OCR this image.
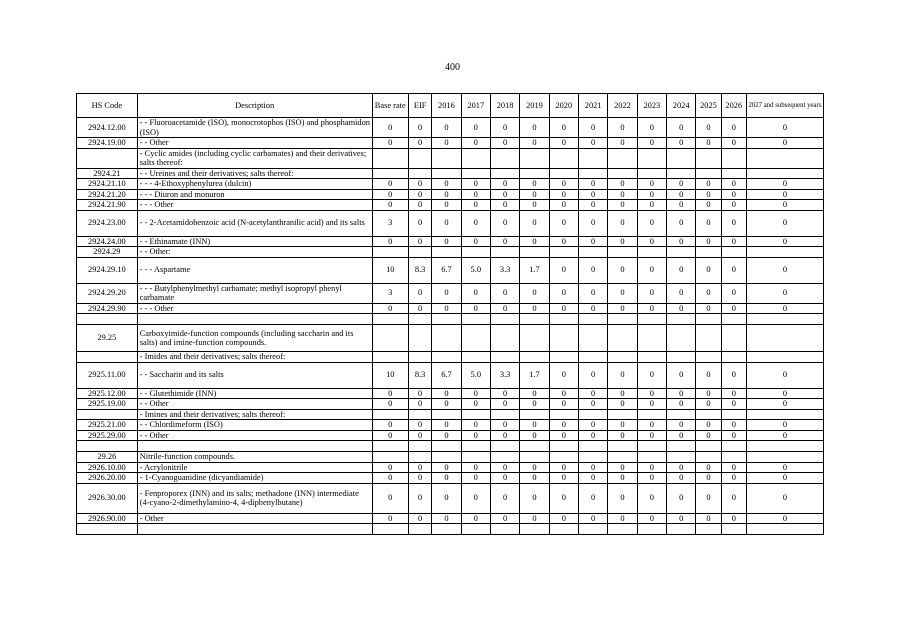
400
HS Code	Description	Base rate	EIF	2016	2017	2018	2019	2020	2021	2022	2023	2024	2025	2026	2027 and subsequent years
2924.12.00	- - Fluoroacetamide (ISO), monocrotophos (ISO) and phosphamidon (ISO)	0	0	0	0	0	0	0	0	0	0	0	0	0	0
2924.19.00	- - Other	0	0	0	0	0	0	0	0	0	0	0	0	0	0
	- Cyclic amides (including cyclic carbamates) and their derivatives; salts thereof:														
2924.21	- - Ureines and their derivatives; salts thereof:														
2924.21.10	- - - 4-Ethoxyphenylurea (dulcin)	0	0	0	0	0	0	0	0	0	0	0	0	0	0
2924.21.20	- - - Diuron and monuron	0	0	0	0	0	0	0	0	0	0	0	0	0	0
2924.21.90	- - - Other	0	0	0	0	0	0	0	0	0	0	0	0	0	0
2924.23.00	- - 2-Acetamidobenzoic acid (N-acetylanthranilic acid) and its salts	3	0	0	0	0	0	0	0	0	0	0	0	0	0
2924.24.00	- - Ethinamate (INN)	0	0	0	0	0	0	0	0	0	0	0	0	0	0
2924.29	- - Other:														
2924.29.10	- - - Aspartame	10	8.3	6.7	5.0	3.3	1.7	0	0	0	0	0	0	0	0
2924.29.20	- - - Butylphenylmethyl carbamate; methyl isopropyl phenyl carbamate	3	0	0	0	0	0	0	0	0	0	0	0	0	0
2924.29.90	- - - Other	0	0	0	0	0	0	0	0	0	0	0	0	0	0

29.25	Carboxyimide-function compounds (including saccharin and its salts) and imine-function compounds.														
	- Imides and their derivatives; salts thereof:														
2925.11.00	- - Saccharin and its salts	10	8.3	6.7	5.0	3.3	1.7	0	0	0	0	0	0	0	0
2925.12.00	- - Glutethimide (INN)	0	0	0	0	0	0	0	0	0	0	0	0	0	0
2925.19.00	- - Other	0	0	0	0	0	0	0	0	0	0	0	0	0	0
	- Imines and their derivatives; salts thereof:														
2925.21.00	- - Chlordimeform (ISO)	0	0	0	0	0	0	0	0	0	0	0	0	0	0
2925.29.00	- - Other	0	0	0	0	0	0	0	0	0	0	0	0	0	0

29.26	Nitrile-function compounds.														
2926.10.00	- Acrylonitrile	0	0	0	0	0	0	0	0	0	0	0	0	0	0
2926.20.00	- 1-Cyanoguanidine (dicyandiamide)	0	0	0	0	0	0	0	0	0	0	0	0	0	0
2926.30.00	- Fenproporex (INN) and its salts; methadone (INN) intermediate (4-cyano-2-dimethylamino-4, 4-diphenylbutane)	0	0	0	0	0	0	0	0	0	0	0	0	0	0
2926.90.00	- Other	0	0	0	0	0	0	0	0	0	0	0	0	0	0
